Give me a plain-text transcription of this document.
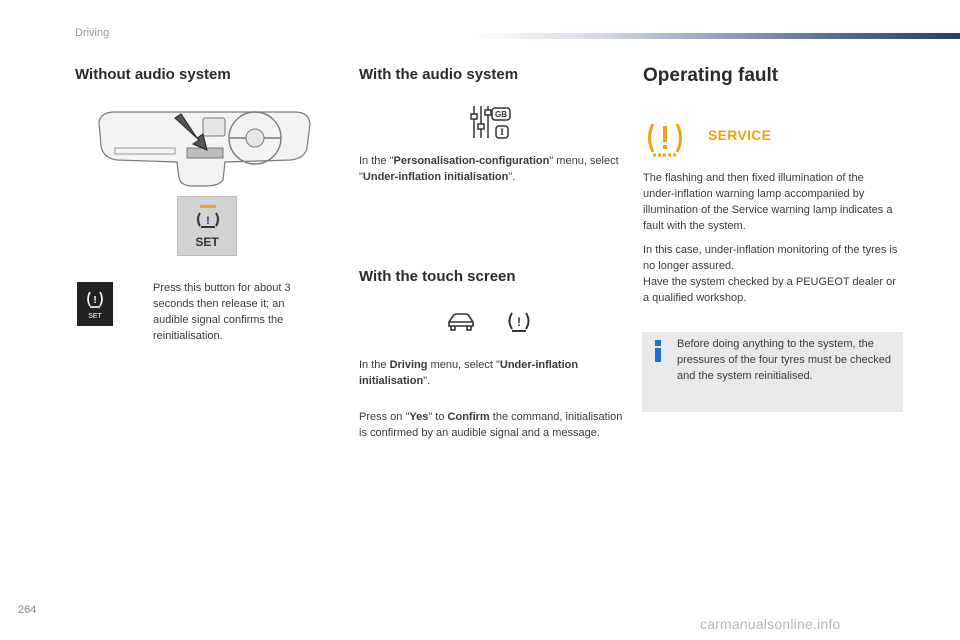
Driving
Without audio system
!
SET
!
SET

Press this button for about 3 seconds then release it; an audible signal confirms the reinitialisation.

With the audio system
GB
I

In the "Personalisation-configuration" menu, select "Under-inflation initialisation".

With the touch screen
!

In the Driving menu, select "Under-inflation initialisation".

Press on "Yes" to Confirm the command, initialisation is confirmed by an audible signal and a message.

Operating fault
SERVICE

The flashing and then fixed illumination of the under-inflation warning lamp accompanied by illumination of the Service warning lamp indicates a fault with the system.

In this case, under-inflation monitoring of the tyres is no longer assured.

Have the system checked by a PEUGEOT dealer or a qualified workshop.

Before doing anything to the system, the pressures of the four tyres must be checked and the system reinitialised.

264
carmanualsonline.info
